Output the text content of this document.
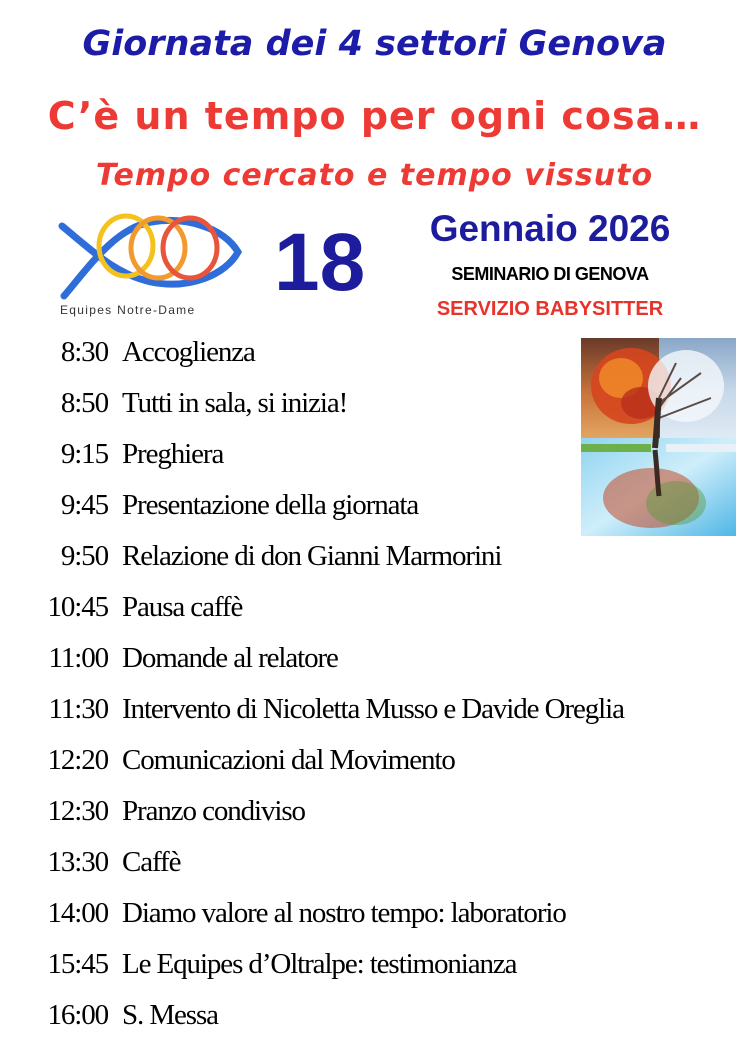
Giornata dei 4 settori Genova
C’è un tempo per ogni cosa…
Tempo cercato e tempo vissuto
Equipes Notre-Dame
18	Gennaio 2026
SEMINARIO DI GENOVA
SERVIZIO BABYSITTER
8:30 Accoglienza
8:50 Tutti in sala, si inizia!
9:15 Preghiera
9:45 Presentazione della giornata
9:50 Relazione di don Gianni Marmorini
10:45 Pausa caffè
11:00 Domande al relatore
11:30 Intervento di Nicoletta Musso e Davide Oreglia
12:20 Comunicazioni dal Movimento
12:30 Pranzo condiviso
13:30 Caffè
14:00 Diamo valore al nostro tempo: laboratorio
15:45 Le Equipes d’Oltralpe: testimonianza
16:00 S. Messa
